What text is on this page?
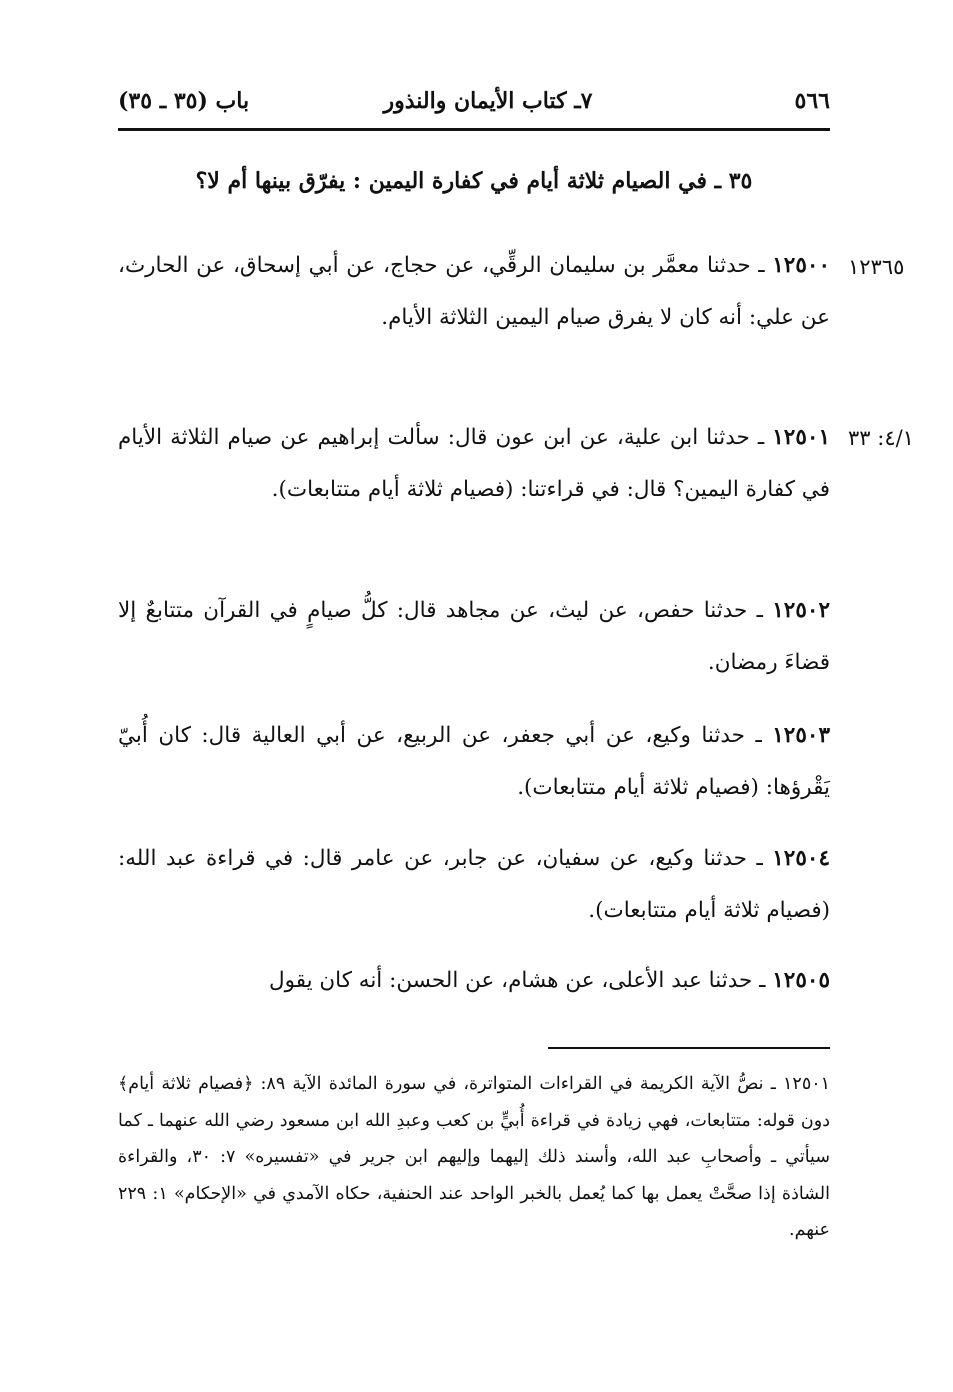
٥٦٦
٧ـ كتاب الأيمان والنذور
باب (٣٥ ـ ٣٥)
٣٥ ـ في الصيام ثلاثة أيام في كفارة اليمين : يفرّق بينها أم لا؟
١٢٣٦٥

١٢٥٠٠ ـ حدثنا معمَّر بن سليمان الرقِّي، عن حجاج، عن أبي إسحاق، عن الحارث، عن علي: أنه كان لا يفرق صيام اليمين الثلاثة الأيام.

٤/١: ٣٣

١٢٥٠١ ـ حدثنا ابن علية، عن ابن عون قال: سألت إبراهيم عن صيام الثلاثة الأيام في كفارة اليمين؟ قال: في قراءتنا: (فصيام ثلاثة أيام متتابعات).

١٢٥٠٢ ـ حدثنا حفص، عن ليث، عن مجاهد قال: كلُّ صيامٍ في القرآن متتابعٌ إلا قضاءَ رمضان.

١٢٥٠٣ ـ حدثنا وكيع، عن أبي جعفر، عن الربيع، عن أبي العالية قال: كان أُبيّ يَقْرؤها: (فصيام ثلاثة أيام متتابعات).

١٢٥٠٤ ـ حدثنا وكيع، عن سفيان، عن جابر، عن عامر قال: في قراءة عبد الله: (فصيام ثلاثة أيام متتابعات).

١٢٥٠٥ ـ حدثنا عبد الأعلى، عن هشام، عن الحسن: أنه كان يقول

١٢٥٠١ ـ نصُّ الآية الكريمة في القراءات المتواترة، في سورة المائدة الآية ٨٩: ﴿فصيام ثلاثة أيام﴾ دون قوله: متتابعات، فهي زيادة في قراءة أُبيٍّ بن كعب وعبدِ الله ابن مسعود رضي الله عنهما ـ كما سيأتي ـ وأصحابِ عبد الله، وأسند ذلك إليهما وإليهم ابن جرير في «تفسيره» ٧: ٣٠، والقراءة الشاذة إذا صحَّتْ يعمل بها كما يُعمل بالخبر الواحد عند الحنفية، حكاه الآمدي في «الإحكام» ١: ٢٢٩ عنهم.
